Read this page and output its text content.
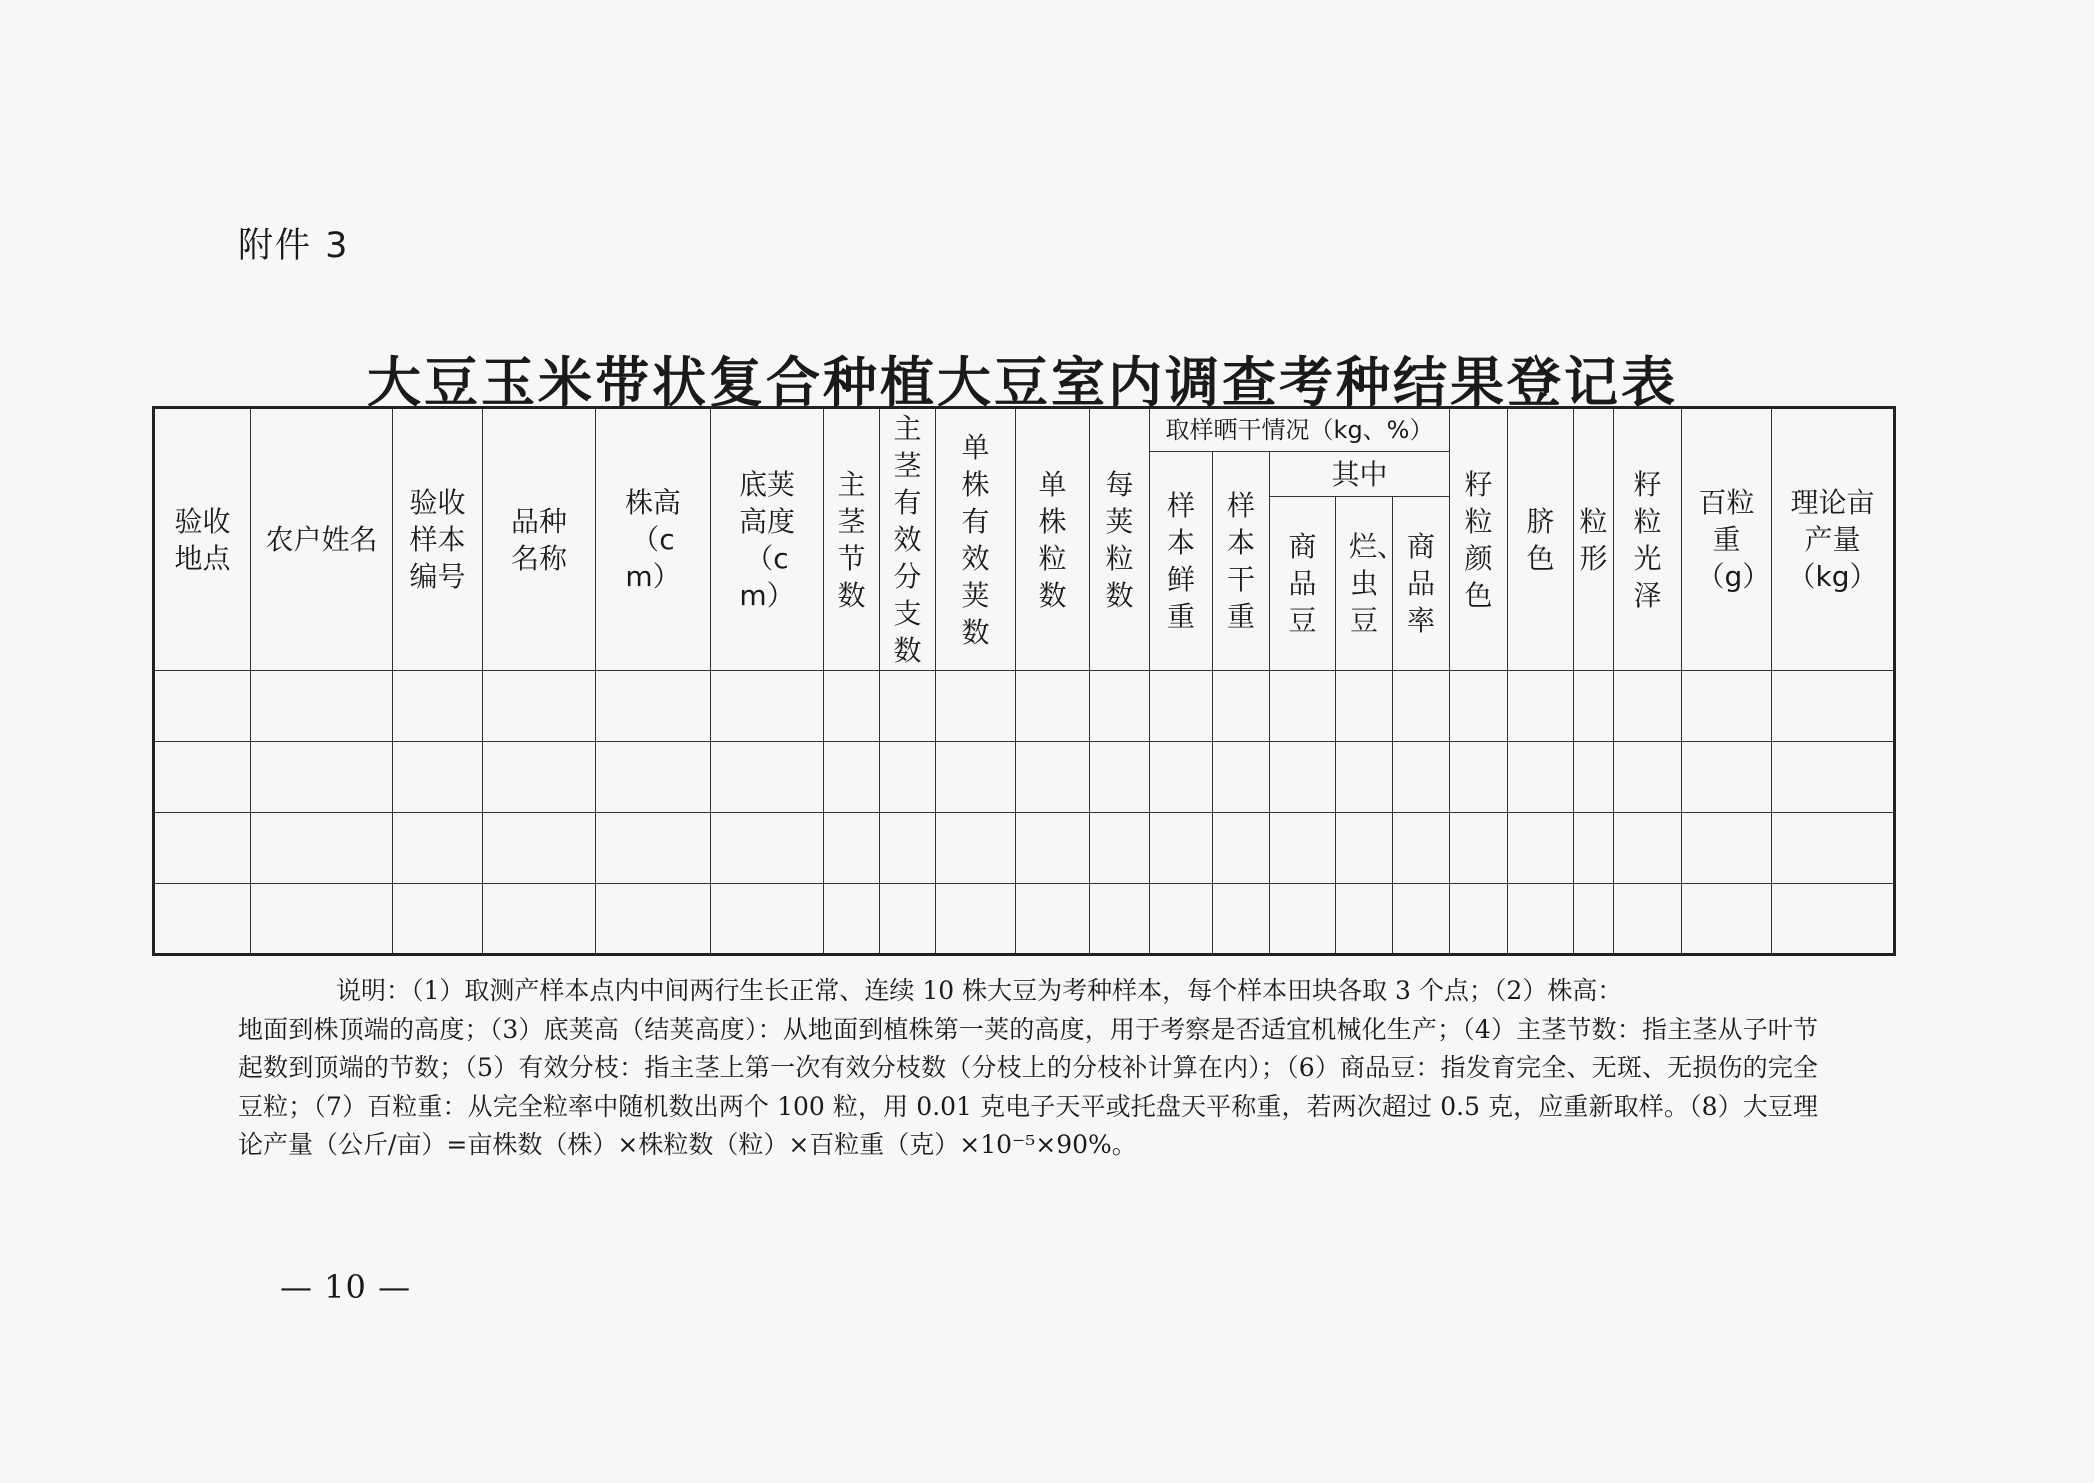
附件 3
大豆玉米带状复合种植大豆室内调查考种结果登记表
验收地点	农户姓名	验收样本编号	品种名称	株高（cm）	底荚高度（cm）	主茎节数	主茎有效分支数	单株有效荚数	单株粒数	每荚粒数	取样晒干情况（kg、%）					籽粒颜色	脐色	粒形	籽粒光泽	百粒重（g）	理论亩产量（kg）
											样本鲜重	样本干重	其中								
													商品豆	烂、虫豆	商品率						

说明：（1）取测产样本点内中间两行生长正常、连续 10 株大豆为考种样本，每个样本田块各取 3 个点；（2）株高：

地面到株顶端的高度；（3）底荚高（结荚高度）：从地面到植株第一荚的高度，用于考察是否适宜机械化生产；（4）主茎节数：指主茎从子叶节起数到顶端的节数；（5）有效分枝：指主茎上第一次有效分枝数（分枝上的分枝补计算在内）；（6）商品豆：指发育完全、无斑、无损伤的完全豆粒；（7）百粒重：从完全粒率中随机数出两个 100 粒，用 0.01 克电子天平或托盘天平称重，若两次超过 0.5 克，应重新取样。（8）大豆理论产量（公斤/亩）=亩株数（株）×株粒数（粒）×百粒重（克）×10⁻⁵×90%。

— 10 —
